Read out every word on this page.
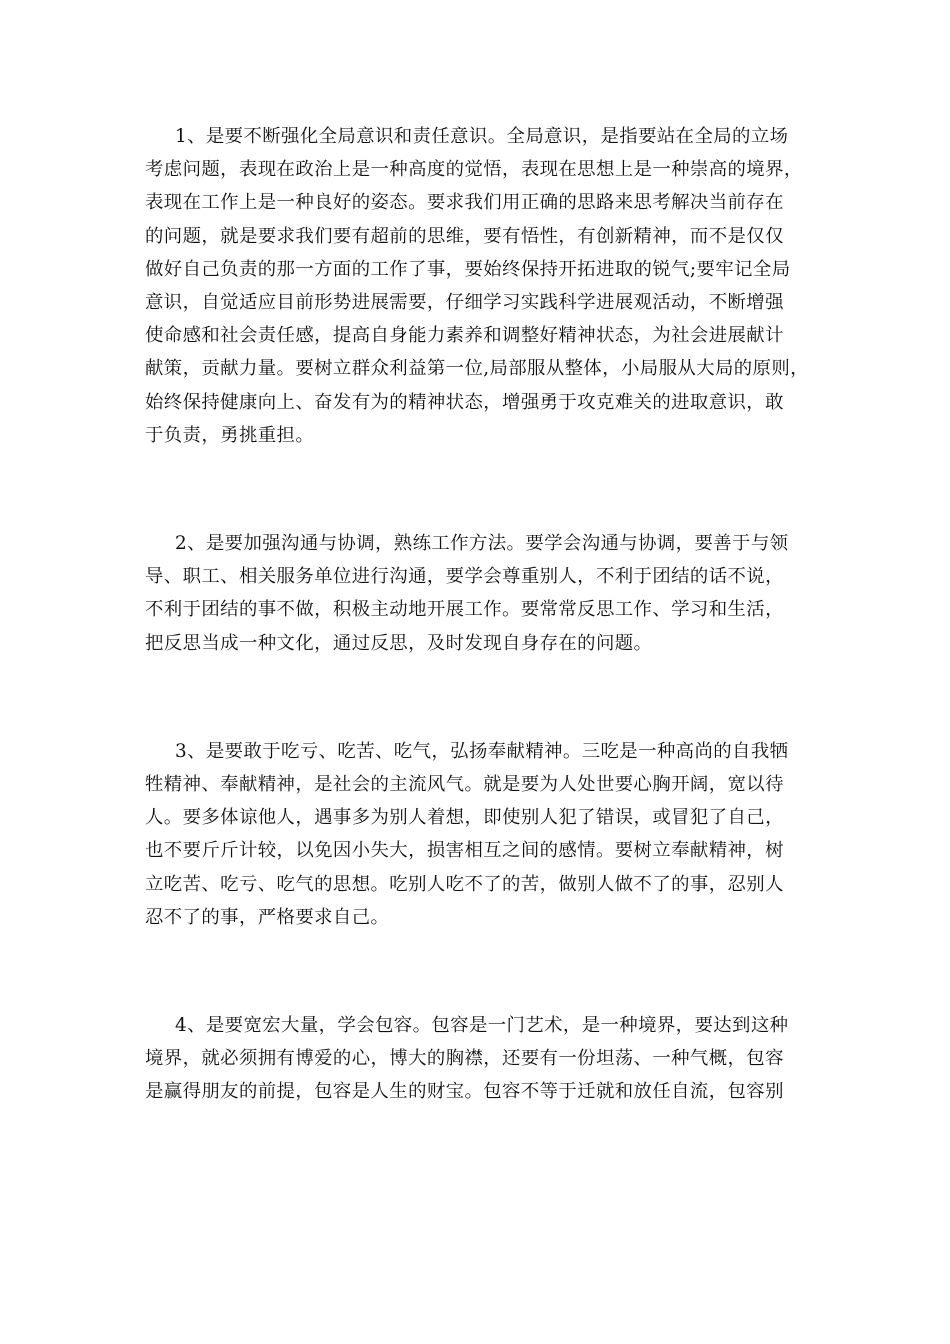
1、是要不断强化全局意识和责任意识。全局意识，是指要站在全局的立场
考虑问题，表现在政治上是一种高度的觉悟，表现在思想上是一种崇高的境界，
表现在工作上是一种良好的姿态。要求我们用正确的思路来思考解决当前存在
的问题，就是要求我们要有超前的思维，要有悟性，有创新精神，而不是仅仅
做好自己负责的那一方面的工作了事，要始终保持开拓进取的锐气;要牢记全局
意识，自觉适应目前形势进展需要，仔细学习实践科学进展观活动，不断增强
使命感和社会责任感，提高自身能力素养和调整好精神状态，为社会进展献计
献策，贡献力量。要树立群众利益第一位,局部服从整体，小局服从大局的原则，
始终保持健康向上、奋发有为的精神状态，增强勇于攻克难关的进取意识，敢
于负责，勇挑重担。

2、是要加强沟通与协调，熟练工作方法。要学会沟通与协调，要善于与领
导、职工、相关服务单位进行沟通，要学会尊重别人，不利于团结的话不说，
不利于团结的事不做，积极主动地开展工作。要常常反思工作、学习和生活，
把反思当成一种文化，通过反思，及时发现自身存在的问题。

3、是要敢于吃亏、吃苦、吃气，弘扬奉献精神。三吃是一种高尚的自我牺
牲精神、奉献精神，是社会的主流风气。就是要为人处世要心胸开阔，宽以待
人。要多体谅他人，遇事多为别人着想，即使别人犯了错误，或冒犯了自己，
也不要斤斤计较，以免因小失大，损害相互之间的感情。要树立奉献精神，树
立吃苦、吃亏、吃气的思想。吃别人吃不了的苦，做别人做不了的事，忍别人
忍不了的事，严格要求自己。

4、是要宽宏大量，学会包容。包容是一门艺术，是一种境界，要达到这种
境界，就必须拥有博爱的心，博大的胸襟，还要有一份坦荡、一种气概，包容
是赢得朋友的前提，包容是人生的财宝。包容不等于迁就和放任自流，包容别
